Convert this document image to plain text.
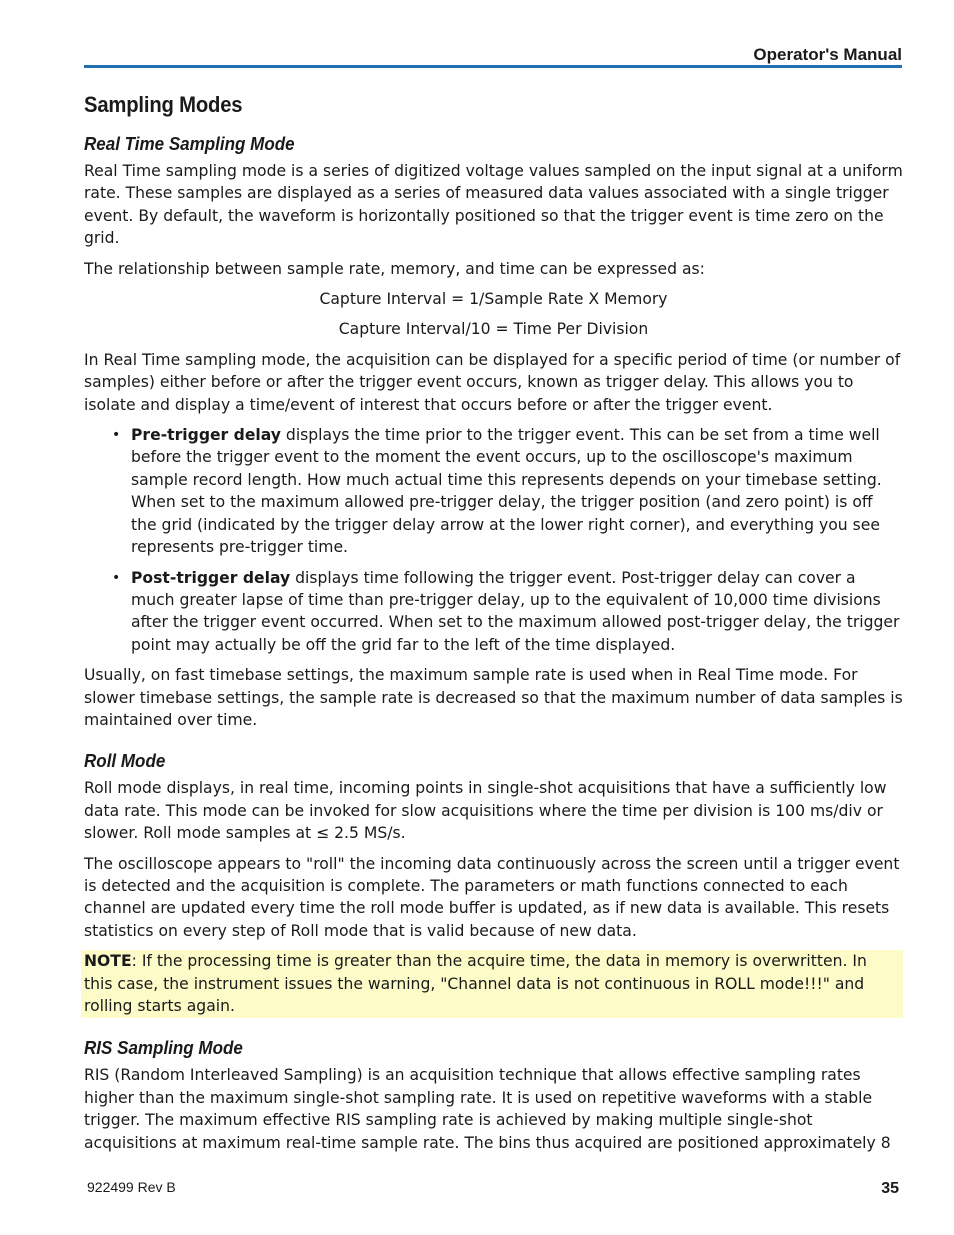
Operator's Manual
Sampling Modes
Real Time Sampling Mode

Real Time sampling mode is a series of digitized voltage values sampled on the input signal at a uniform rate. These samples are displayed as a series of measured data values associated with a single trigger event. By default, the waveform is horizontally positioned so that the trigger event is time zero on the grid.

The relationship between sample rate, memory, and time can be expressed as:

Capture Interval = 1/Sample Rate X Memory

Capture Interval/10 = Time Per Division

In Real Time sampling mode, the acquisition can be displayed for a specific period of time (or number of samples) either before or after the trigger event occurs, known as trigger delay. This allows you to isolate and display a time/event of interest that occurs before or after the trigger event.

• Pre-trigger delay displays the time prior to the trigger event. This can be set from a time well before the trigger event to the moment the event occurs, up to the oscilloscope's maximum sample record length. How much actual time this represents depends on your timebase setting. When set to the maximum allowed pre-trigger delay, the trigger position (and zero point) is off the grid (indicated by the trigger delay arrow at the lower right corner), and everything you see represents pre-trigger time.
• Post-trigger delay displays time following the trigger event. Post-trigger delay can cover a much greater lapse of time than pre-trigger delay, up to the equivalent of 10,000 time divisions after the trigger event occurred. When set to the maximum allowed post-trigger delay, the trigger point may actually be off the grid far to the left of the time displayed.

Usually, on fast timebase settings, the maximum sample rate is used when in Real Time mode. For slower timebase settings, the sample rate is decreased so that the maximum number of data samples is maintained over time.

Roll Mode

Roll mode displays, in real time, incoming points in single-shot acquisitions that have a sufficiently low data rate. This mode can be invoked for slow acquisitions where the time per division is 100 ms/div or slower. Roll mode samples at ≤ 2.5 MS/s.

The oscilloscope appears to "roll" the incoming data continuously across the screen until a trigger event is detected and the acquisition is complete. The parameters or math functions connected to each channel are updated every time the roll mode buffer is updated, as if new data is available. This resets statistics on every step of Roll mode that is valid because of new data.

NOTE: If the processing time is greater than the acquire time, the data in memory is overwritten. In this case, the instrument issues the warning, "Channel data is not continuous in ROLL mode!!!" and rolling starts again.

RIS Sampling Mode

RIS (Random Interleaved Sampling) is an acquisition technique that allows effective sampling rates higher than the maximum single-shot sampling rate. It is used on repetitive waveforms with a stable trigger. The maximum effective RIS sampling rate is achieved by making multiple single-shot acquisitions at maximum real-time sample rate. The bins thus acquired are positioned approximately 8

922499 Rev B	35
